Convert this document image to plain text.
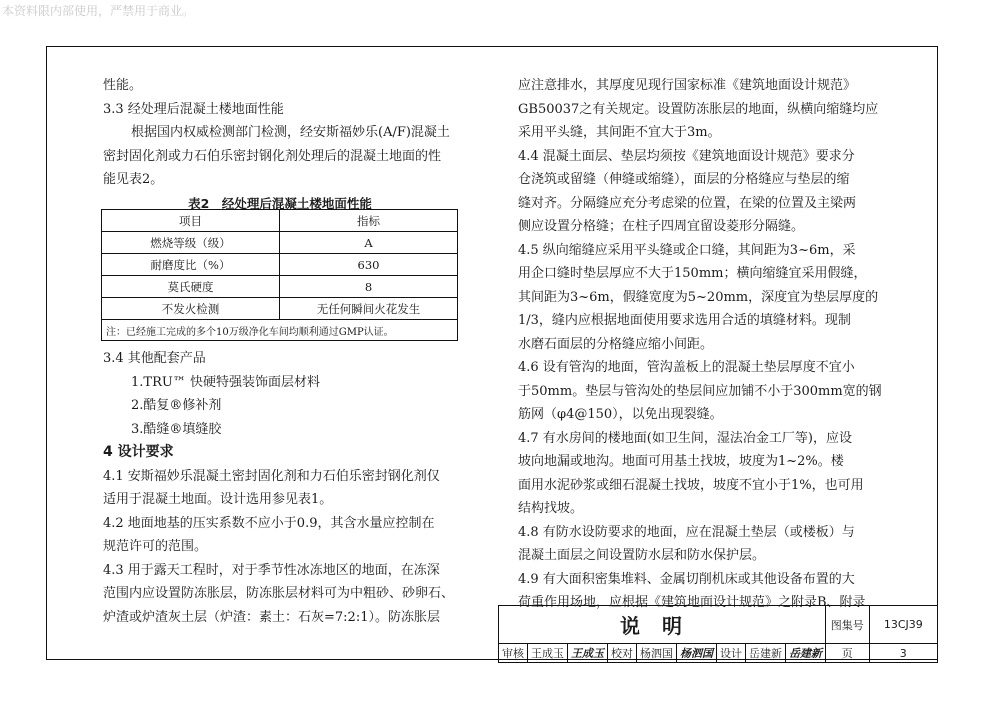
本资料限内部使用，严禁用于商业。

性能。

3.3 经处理后混凝土楼地面性能

根据国内权威检测部门检测，经安斯福妙乐(A/F)混凝土

密封固化剂或力石伯乐密封钢化剂处理后的混凝土地面的性

能见表2。

表2　经处理后混凝土楼地面性能

项目	指标
燃烧等级（级）	A
耐磨度比（%）	630
莫氏硬度	8
不发火检测	无任何瞬间火花发生
注：已经施工完成的多个10万级净化车间均顺利通过GMP认证。	

3.4 其他配套产品

1.TRU™ 快硬特强装饰面层材料

2.酷复®修补剂

3.酷缝®填缝胶

4 设计要求

4.1 安斯福妙乐混凝土密封固化剂和力石伯乐密封钢化剂仅

适用于混凝土地面。设计选用参见表1。

4.2 地面地基的压实系数不应小于0.9，其含水量应控制在

规范许可的范围。

4.3 用于露天工程时，对于季节性冰冻地区的地面，在冻深

范围内应设置防冻胀层，防冻胀层材料可为中粗砂、砂卵石、

炉渣或炉渣灰土层（炉渣：素土：石灰=7:2:1）。防冻胀层

应注意排水，其厚度见现行国家标准《建筑地面设计规范》

GB50037之有关规定。设置防冻胀层的地面，纵横向缩缝均应

采用平头缝，其间距不宜大于3m。

4.4 混凝土面层、垫层均须按《建筑地面设计规范》要求分

仓浇筑或留缝（伸缝或缩缝），面层的分格缝应与垫层的缩

缝对齐。分隔缝应充分考虑梁的位置，在梁的位置及主梁两

侧应设置分格缝；在柱子四周宜留设菱形分隔缝。

4.5 纵向缩缝应采用平头缝或企口缝，其间距为3~6m，采

用企口缝时垫层厚应不大于150mm；横向缩缝宜采用假缝，

其间距为3~6m，假缝宽度为5~20mm，深度宜为垫层厚度的

1/3，缝内应根据地面使用要求选用合适的填缝材料。现制

水磨石面层的分格缝应缩小间距。

4.6 设有管沟的地面，管沟盖板上的混凝土垫层厚度不宜小

于50mm。垫层与管沟处的垫层间应加铺不小于300mm宽的钢

筋网（φ4@150），以免出现裂缝。

4.7 有水房间的楼地面(如卫生间，湿法冶金工厂等)，应设

坡向地漏或地沟。地面可用基土找坡，坡度为1~2%。楼

面用水泥砂浆或细石混凝土找坡，坡度不宜小于1%，也可用

结构找坡。

4.8 有防水设防要求的地面，应在混凝土垫层（或楼板）与

混凝土面层之间设置防水层和防水保护层。

4.9 有大面积密集堆料、金属切削机床或其他设备布置的大

荷重作用场地，应根据《建筑地面设计规范》之附录B、附录

说明									图集号	13CJ39
审核	王成玉	王成玉	校对	杨泗国	杨泗国	设计	岳建新	岳建新	页	3
